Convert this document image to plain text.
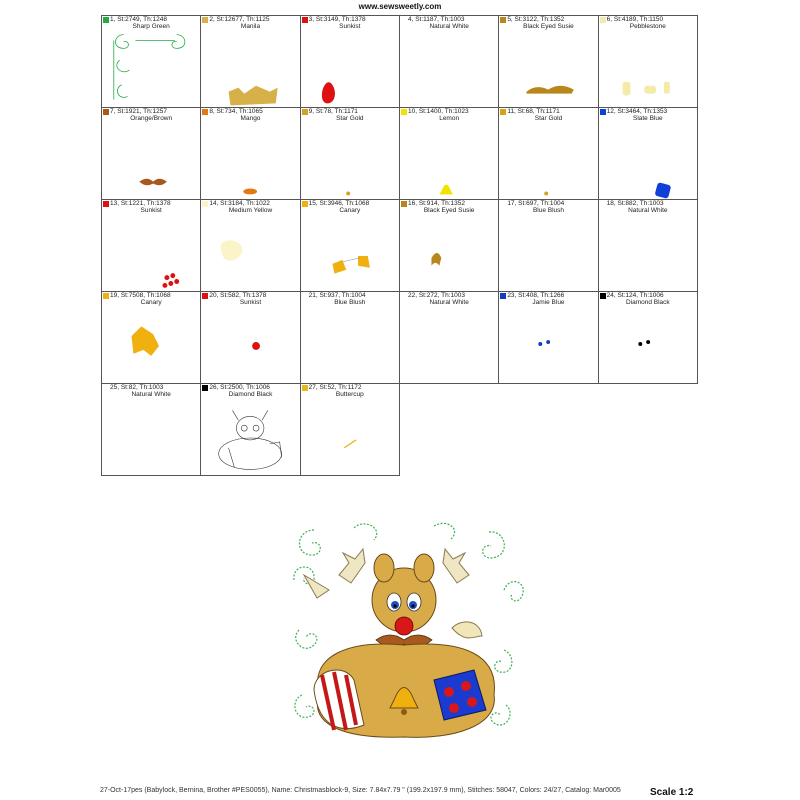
www.sewsweetly.com
1, St:2749, Th:1248
Sharp Green
2, St:12677, Th:1125
Manila
3, St:3149, Th:1378
Sunkist
4, St:1187, Th:1003
Natural White
5, St:3122, Th:1352
Black Eyed Susie
6, St:4189, Th:1150
Pebblestone
7, St:1921, Th:1257
Orange/Brown
8, St:734, Th:1065
Mango
9, St:78, Th:1171
Star Gold
10, St:1400, Th:1023
Lemon
11, St:68, Th:1171
Star Gold
12, St:3464, Th:1353
Slate Blue
13, St:1221, Th:1378
Sunkist
14, St:3184, Th:1022
Medium Yellow
15, St:3946, Th:1068
Canary
16, St:914, Th:1352
Black Eyed Susie
17, St:697, Th:1004
Blue Blush
18, St:882, Th:1003
Natural White
19, St:7508, Th:1068
Canary
20, St:582, Th:1378
Sunkist
21, St:937, Th:1004
Blue Blush
22, St:272, Th:1003
Natural White
23, St:408, Th:1266
Jamie Blue
24, St:124, Th:1006
Diamond Black
25, St:82, Th:1003
Natural White
26, St:2500, Th:1006
Diamond Black
27, St:52, Th:1172
Buttercup
27-Oct-17pes (Babylock, Bernina, Brother #PES0055), Name: Christmasblock-9, Size: 7.84x7.79 " (199.2x197.9 mm), Stitches: 58047, Colors: 24/27, Catalog: Mar0005	Scale 1:2
